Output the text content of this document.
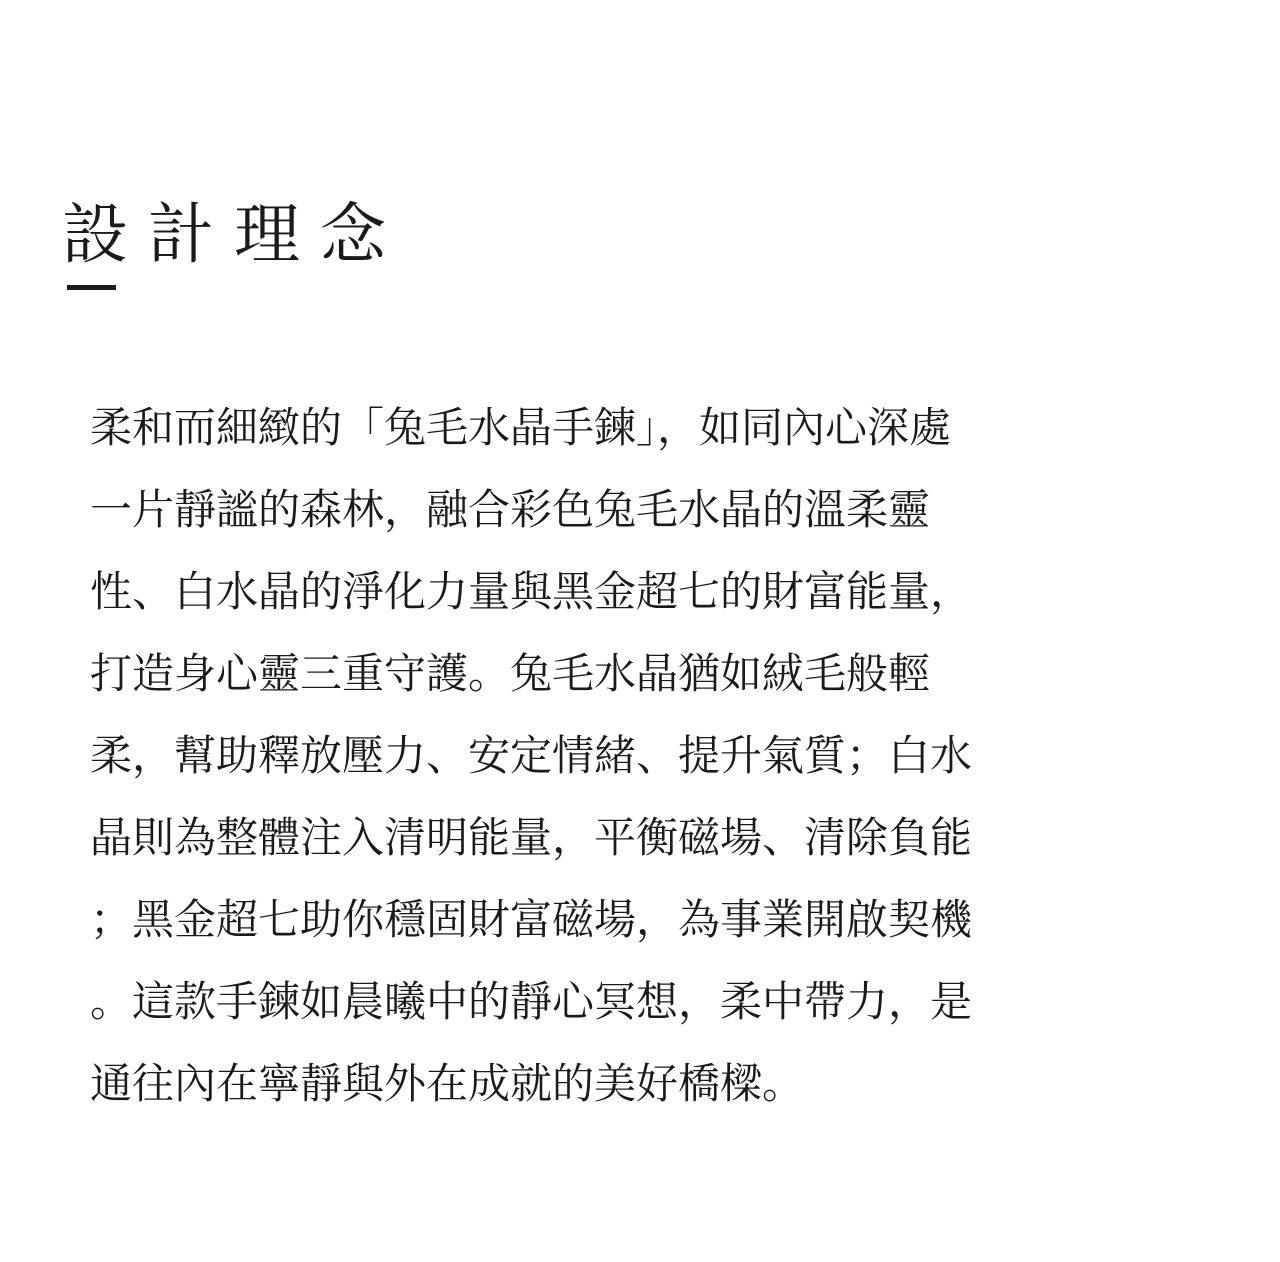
設計理念
柔和而細緻的「兔毛水晶手鍊」，如同內心深處
一片靜謐的森林，融合彩色兔毛水晶的溫柔靈
性、白水晶的淨化力量與黑金超七的財富能量，
打造身心靈三重守護。兔毛水晶猶如絨毛般輕
柔，幫助釋放壓力、安定情緒、提升氣質；白水
晶則為整體注入清明能量，平衡磁場、清除負能
；黑金超七助你穩固財富磁場，為事業開啟契機
。這款手鍊如晨曦中的靜心冥想，柔中帶力，是
通往內在寧靜與外在成就的美好橋樑。
